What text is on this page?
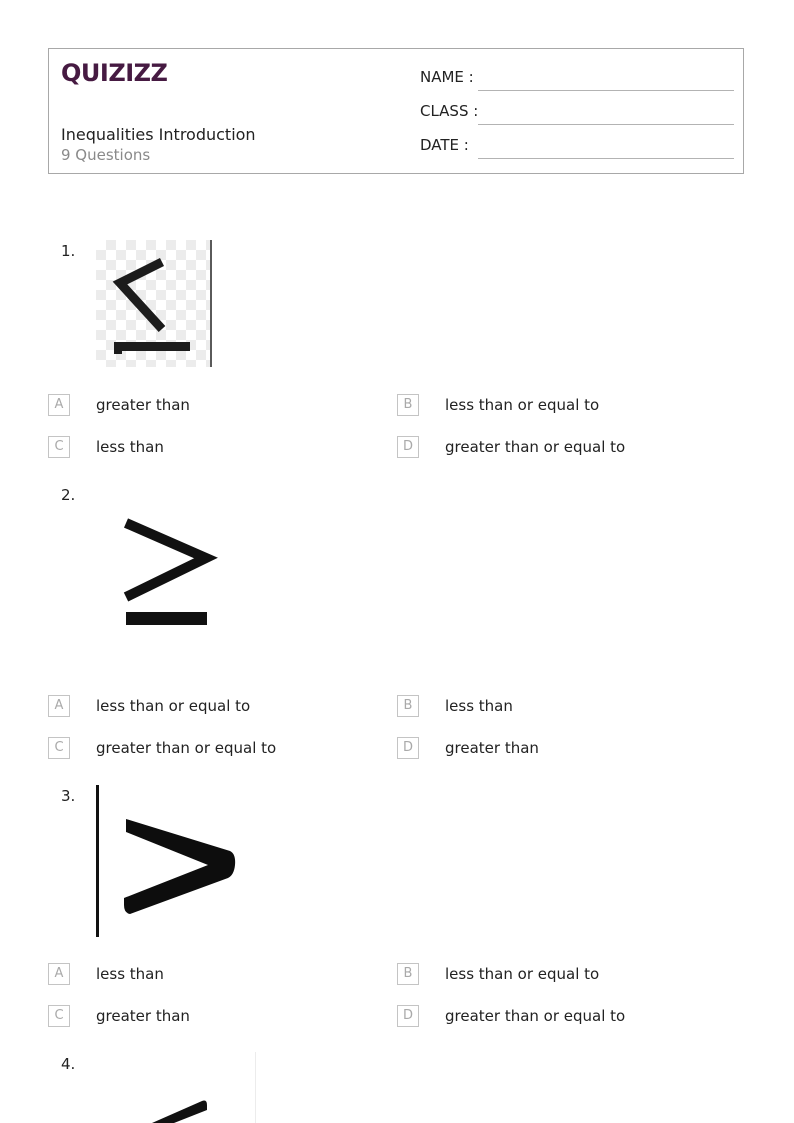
QUIZIZZ
Inequalities Introduction
9 Questions
NAME :
CLASS :
DATE :
1.
A	greater than	B	less than or equal to
C	less than	D	greater than or equal to
2.
A	less than or equal to	B	less than
C	greater than or equal to	D	greater than
3.
A	less than	B	less than or equal to
C	greater than	D	greater than or equal to
4.
